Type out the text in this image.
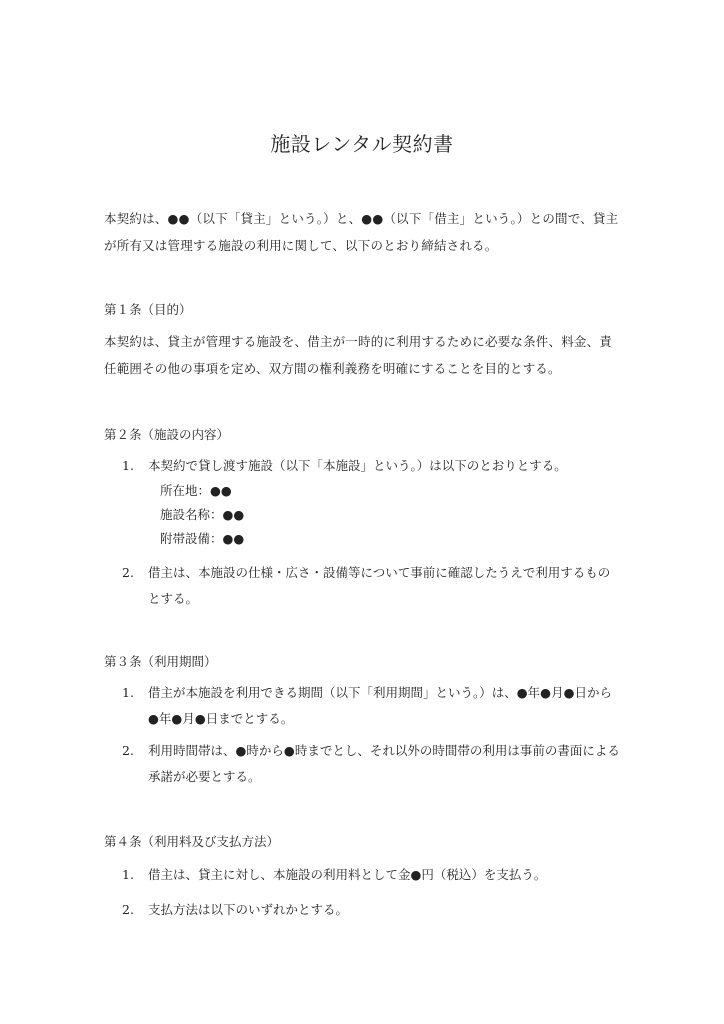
施設レンタル契約書
本契約は、●●（以下「貸主」という。）と、●●（以下「借主」という。）との間で、貸主が所有又は管理する施設の利用に関して、以下のとおり締結される。
第１条（目的）
本契約は、貸主が管理する施設を、借主が一時的に利用するために必要な条件、料金、責任範囲その他の事項を定め、双方間の権利義務を明確にすることを目的とする。
第２条（施設の内容）
1. 本契約で貸し渡す施設（以下「本施設」という。）は以下のとおりとする。
所在地：●●
施設名称：●●
附帯設備：●●
2. 借主は、本施設の仕様・広さ・設備等について事前に確認したうえで利用するものとする。
第３条（利用期間）
1. 借主が本施設を利用できる期間（以下「利用期間」という。）は、●年●月●日から●年●月●日までとする。
2. 利用時間帯は、●時から●時までとし、それ以外の時間帯の利用は事前の書面による承諾が必要とする。
第４条（利用料及び支払方法）
1. 借主は、貸主に対し、本施設の利用料として金●円（税込）を支払う。
2. 支払方法は以下のいずれかとする。
